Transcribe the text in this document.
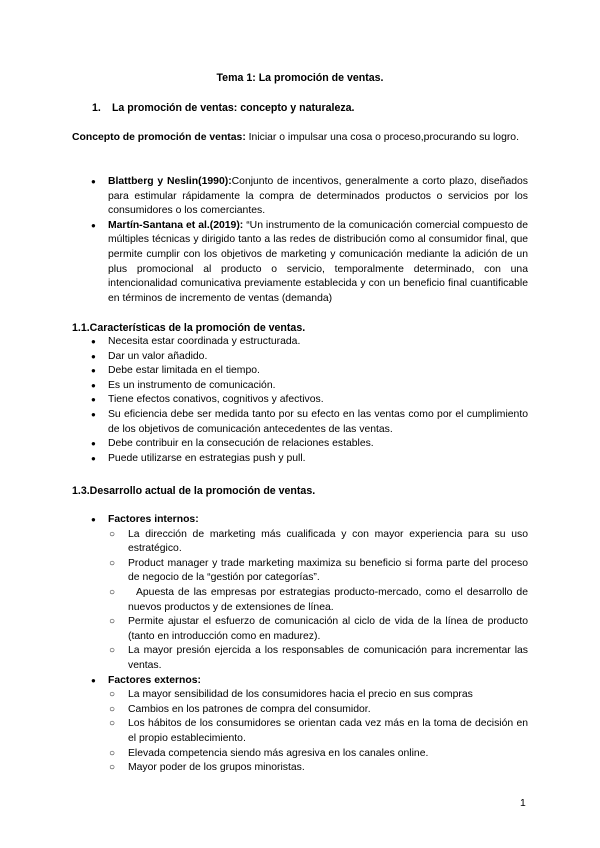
Tema 1: La promoción de ventas.
1. La promoción de ventas: concepto y naturaleza.
Concepto de promoción de ventas: Iniciar o impulsar una cosa o proceso,procurando su logro.
● Blattberg y Neslin(1990):Conjunto de incentivos, generalmente a corto plazo, diseñados para estimular rápidamente la compra de determinados productos o servicios por los consumidores o los comerciantes.
● Martín-Santana et al.(2019): “Un instrumento de la comunicación comercial compuesto de múltiples técnicas y dirigido tanto a las redes de distribución como al consumidor final, que permite cumplir con los objetivos de marketing y comunicación mediante la adición de un plus promocional al producto o servicio, temporalmente determinado, con una intencionalidad comunicativa previamente establecida y con un beneficio final cuantificable en términos de incremento de ventas (demanda)
1.1.Características de la promoción de ventas.
● Necesita estar coordinada y estructurada.
● Dar un valor añadido.
● Debe estar limitada en el tiempo.
● Es un instrumento de comunicación.
● Tiene efectos conativos, cognitivos y afectivos.
● Su eficiencia debe ser medida tanto por su efecto en las ventas como por el cumplimiento de los objetivos de comunicación antecedentes de las ventas.
● Debe contribuir en la consecución de relaciones estables.
● Puede utilizarse en estrategias push y pull.
1.3.Desarrollo actual de la promoción de ventas.
● Factores internos:
○ La dirección de marketing más cualificada y con mayor experiencia para su uso estratégico.
○ Product manager y trade marketing maximiza su beneficio si forma parte del proceso de negocio de la “gestión por categorías”.
○   Apuesta de las empresas por estrategias producto-mercado, como el desarrollo de nuevos productos y de extensiones de línea.
○ Permite ajustar el esfuerzo de comunicación al ciclo de vida de la línea de producto (tanto en introducción como en madurez).
○ La mayor presión ejercida a los responsables de comunicación para incrementar las ventas.
● Factores externos:
○ La mayor sensibilidad de los consumidores hacia el precio en sus compras
○ Cambios en los patrones de compra del consumidor.
○ Los hábitos de los consumidores se orientan cada vez más en la toma de decisión en el propio establecimiento.
○ Elevada competencia siendo más agresiva en los canales online.
○ Mayor poder de los grupos minoristas.
1
